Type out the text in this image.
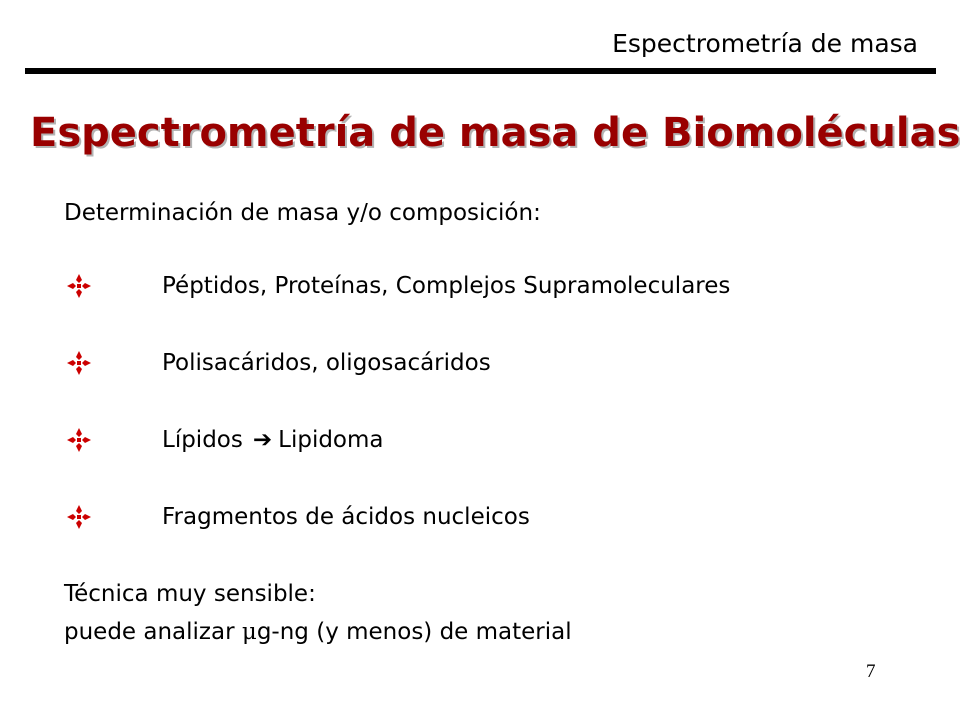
Espectrometría de masa
Espectrometría de masa de Biomoléculas
Determinación de masa y/o composición:
Péptidos, Proteínas, Complejos Supramoleculares
Polisacáridos, oligosacáridos
Lípidos ➔ Lipidoma
Fragmentos de ácidos nucleicos
Técnica muy sensible:
puede analizar μg-ng (y menos) de material
7
